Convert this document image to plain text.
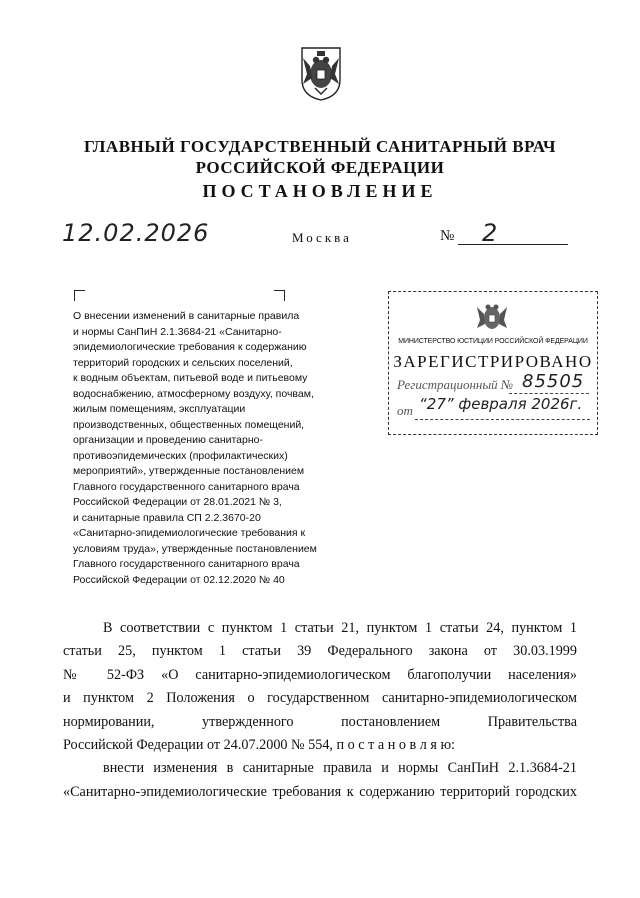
ГЛАВНЫЙ ГОСУДАРСТВЕННЫЙ САНИТАРНЫЙ ВРАЧ
РОССИЙСКОЙ ФЕДЕРАЦИИ
ПОСТАНОВЛЕНИЕ
12.02.2026	Москва	№ 2
О внесении изменений в санитарные правила
и нормы СанПиН 2.1.3684-21 «Санитарно-
эпидемиологические требования к содержанию
территорий городских и сельских поселений,
к водным объектам, питьевой воде и питьевому
водоснабжению, атмосферному воздуху, почвам,
жилым помещениям, эксплуатации
производственных, общественных помещений,
организации и проведению санитарно-
противоэпидемических (профилактических)
мероприятий», утвержденные постановлением
Главного государственного санитарного врача
Российской Федерации от 28.01.2021 № 3,
и санитарные правила СП 2.2.3670-20
«Санитарно-эпидемиологические требования к
условиям труда», утвержденные постановлением
Главного государственного санитарного врача
Российской Федерации от 02.12.2020 № 40
МИНИСТЕРСТВО ЮСТИЦИИ РОССИЙСКОЙ ФЕДЕРАЦИИ
ЗАРЕГИСТРИРОВАНО
Регистрационный № 85505
от “27” февраля 2026г.
В соответствии с пунктом 1 статьи 21, пунктом 1 статьи 24, пунктом 1
статьи 25, пунктом 1 статьи 39 Федерального закона от 30.03.1999
№ 52-ФЗ «О санитарно-эпидемиологическом благополучии населения»
и пунктом 2 Положения о государственном санитарно-эпидемиологическом
нормировании, утвержденного постановлением Правительства
Российской Федерации от 24.07.2000 № 554, п о с т а н о в л я ю:
внести изменения в санитарные правила и нормы СанПиН 2.1.3684-21
«Санитарно-эпидемиологические требования к содержанию территорий городских
